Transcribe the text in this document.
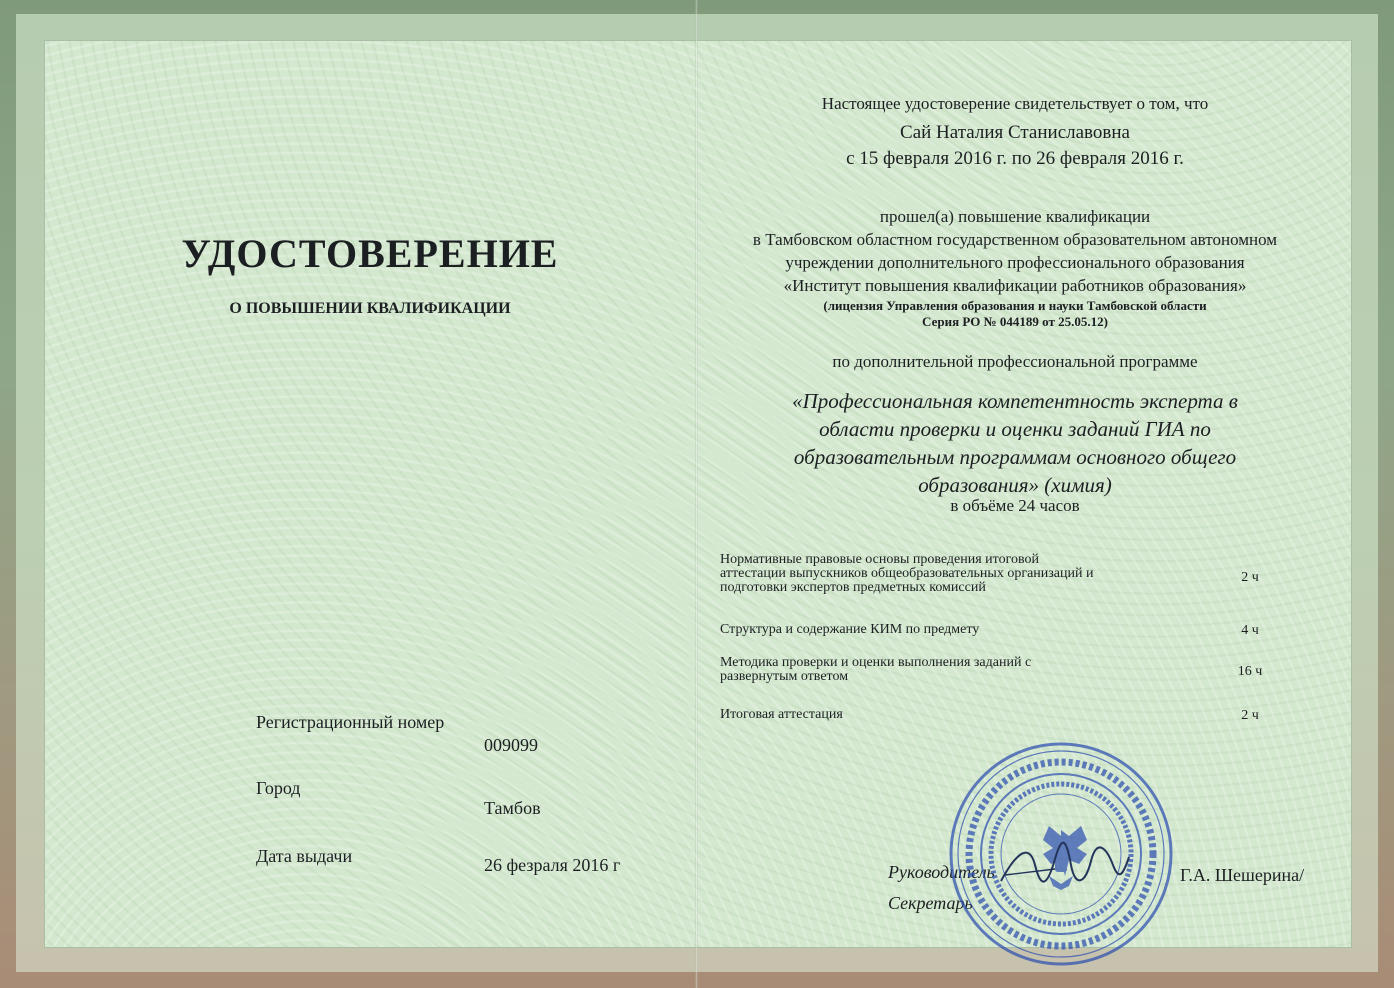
УДОСТОВЕРЕНИЕ
О ПОВЫШЕНИИ КВАЛИФИКАЦИИ
Регистрационный номер
009099
Город
Тамбов
Дата выдачи	26 фезраля 2016 г
Настоящее удостоверение свидетельствует о том, что
Сай Наталия Станиславовна
с 15 февраля 2016 г. по 26 февраля 2016 г.
прошел(а) повышение квалификации
в Тамбовском областном государственном образовательном автономном
учреждении дополнительного профессионального образования
«Институт повышения квалификации работников образования»
(лицензия Управления образования и науки Тамбовской области
Серия РО № 044189 от 25.05.12)
по дополнительной профессиональной программе
«Профессиональная компетентность эксперта в
области проверки и оценки заданий ГИА по
образовательным программам основного общего
образования» (химия)
в объёме 24 часов
Нормативные правовые основы проведения итоговой
аттестации выпускников общеобразовательных организаций и
подготовки экспертов предметных комиссий
2 ч
Структура и содержание КИМ по предмету	4 ч
Методика проверки и оценки выполнения заданий с
развернутым ответом	16 ч
Итоговая аттестация	2 ч
Руководитель	Г.А. Шешерина/
Секретарь
